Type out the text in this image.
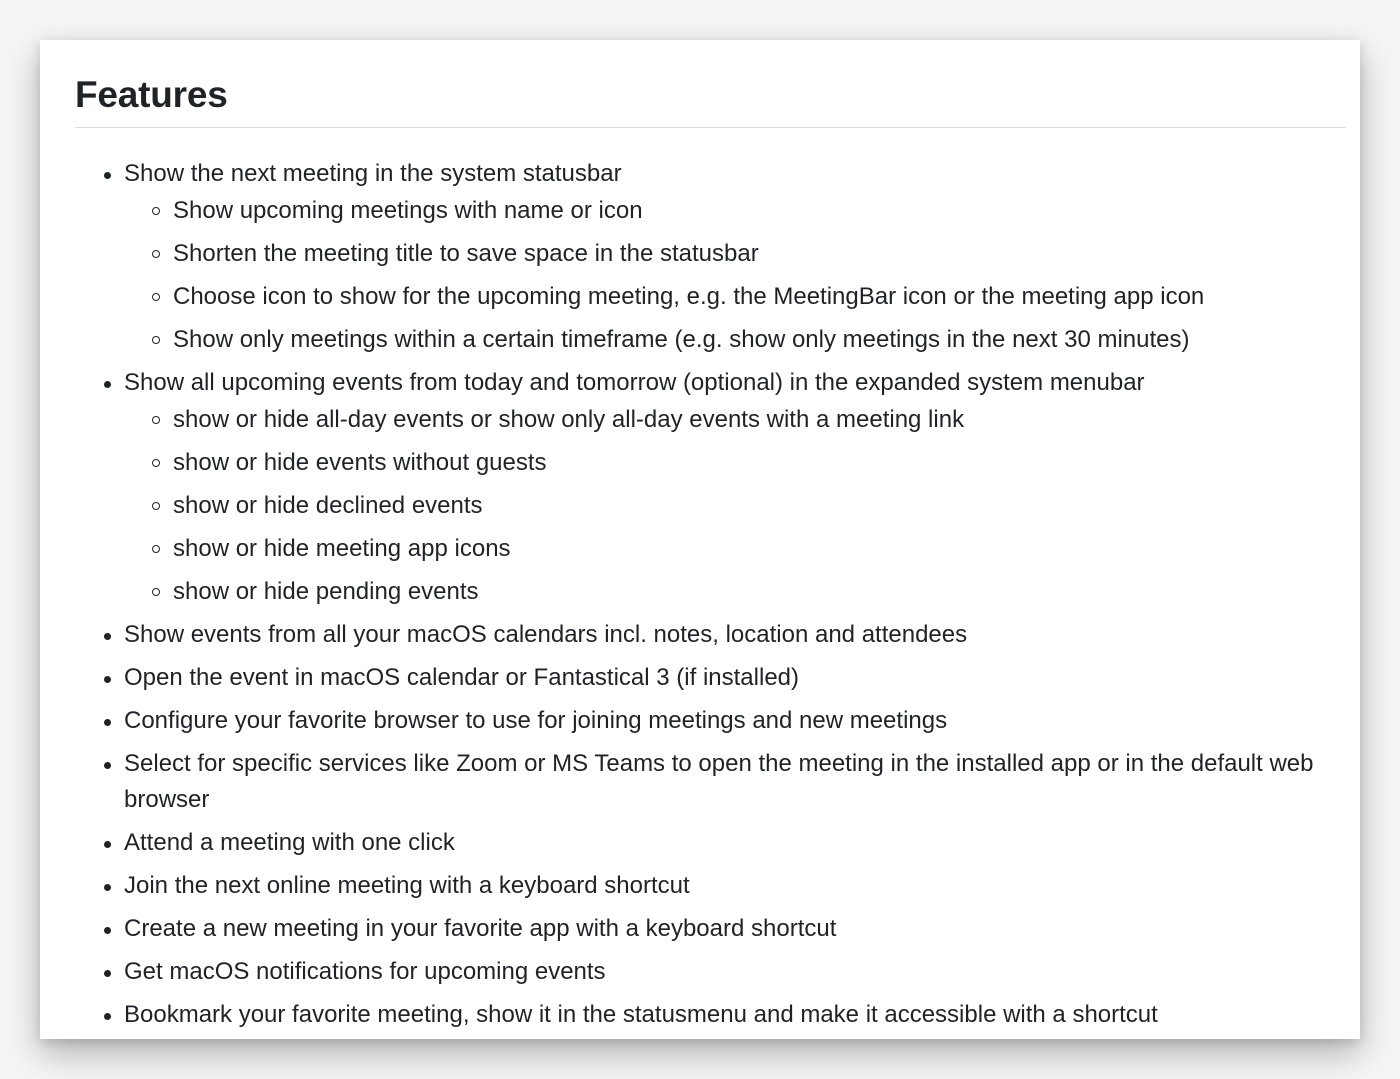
Features
Show the next meeting in the system statusbar
Show upcoming meetings with name or icon
Shorten the meeting title to save space in the statusbar
Choose icon to show for the upcoming meeting, e.g. the MeetingBar icon or the meeting app icon
Show only meetings within a certain timeframe (e.g. show only meetings in the next 30 minutes)
Show all upcoming events from today and tomorrow (optional) in the expanded system menubar
show or hide all-day events or show only all-day events with a meeting link
show or hide events without guests
show or hide declined events
show or hide meeting app icons
show or hide pending events
Show events from all your macOS calendars incl. notes, location and attendees
Open the event in macOS calendar or Fantastical 3 (if installed)
Configure your favorite browser to use for joining meetings and new meetings
Select for specific services like Zoom or MS Teams to open the meeting in the installed app or in the default web browser
Attend a meeting with one click
Join the next online meeting with a keyboard shortcut
Create a new meeting in your favorite app with a keyboard shortcut
Get macOS notifications for upcoming events
Bookmark your favorite meeting, show it in the statusmenu and make it accessible with a shortcut
